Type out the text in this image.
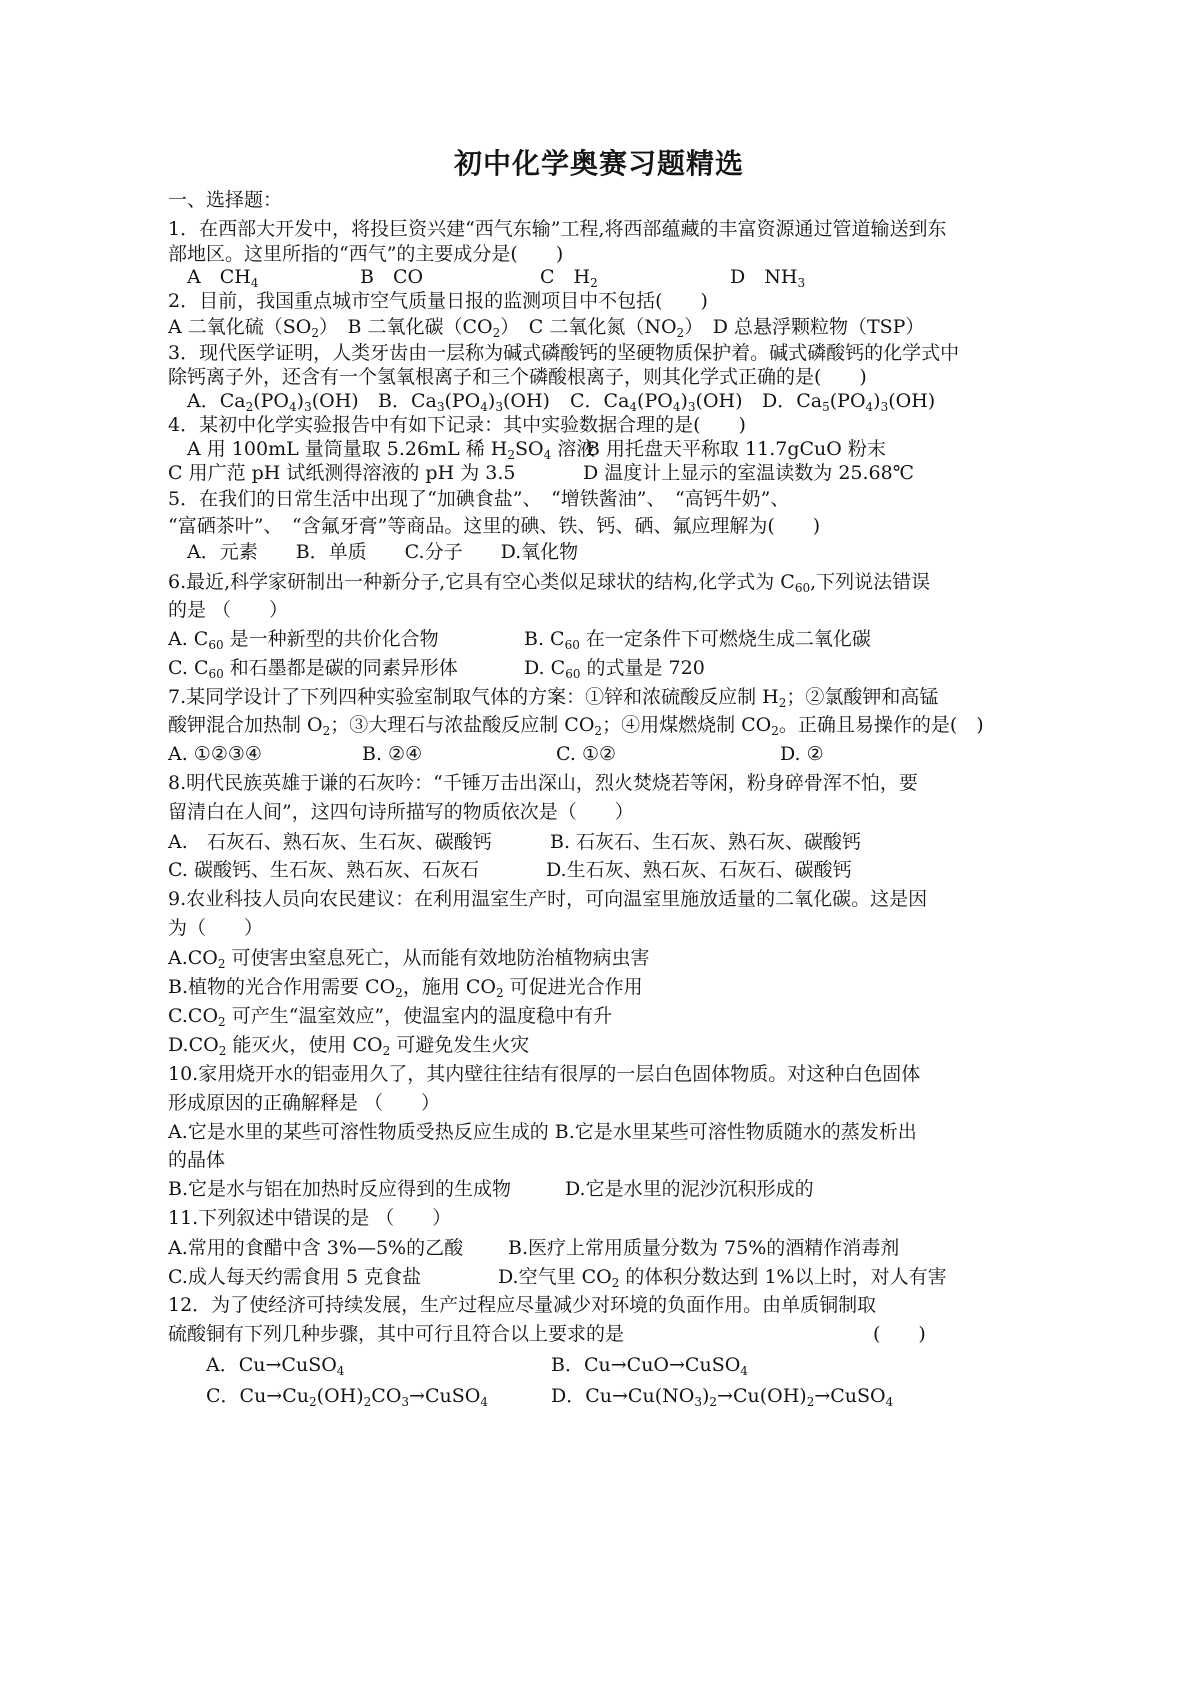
初中化学奥赛习题精选
一、选择题：
1．在西部大开发中，将投巨资兴建“西气东输”工程,将西部蕴藏的丰富资源通过管道输送到东
部地区。这里所指的“西气”的主要成分是(　　)
A　$CH_4$	B　CO	C　$H_2$	D　$NH_3$
2．目前，我国重点城市空气质量日报的监测项目中不包括(　　)
A 二氧化硫$(SO_2)$　B 二氧化碳$(CO_2)$　C 二氧化氮$(NO_2)$　D 总悬浮颗粒物（TSP）
3．现代医学证明，人类牙齿由一层称为碱式磷酸钙的坚硬物质保护着。碱式磷酸钙的化学式中
除钙离子外，还含有一个氢氧根离子和三个磷酸根离子，则其化学式正确的是(　　)
A．$Ca_2(PO_4)_3(OH)$ B．$Ca_3(PO_4)_3(OH)$ C．$Ca_4(PO_4)_3(OH)$ D．$Ca_5(PO_4)_3(OH)$
4．某初中化学实验报告中有如下记录：其中实验数据合理的是(　　)
A 用 100mL 量筒量取 5.26mL 稀 $H_2SO_4$ 溶液
B 用托盘天平称取 11.7gCuO 粉末
C 用广范 pH 试纸测得溶液的 pH 为 3.5	D 温度计上显示的室温读数为 25.68℃
5．在我们的日常生活中出现了“加碘食盐”、　“增铁酱油”、　“高钙牛奶”、
“富硒茶叶”、　“含氟牙膏”等商品。这里的碘、铁、钙、硒、氟应理解为(　　)
A．元素　　B．单质　　C.分子　　D.氧化物
6.最近,科学家研制出一种新分子,它具有空心类似足球状的结构,化学式为 $C_{60}$,下列说法错误
的是 （　　）
A. $C_{60}$ 是一种新型的共价化合物	B. $C_{60}$ 在一定条件下可燃烧生成二氧化碳
C. $C_{60}$ 和石墨都是碳的同素异形体	D. $C_{60}$ 的式量是 720
7.某同学设计了下列四种实验室制取气体的方案：①锌和浓硫酸反应制 $H_2$；②氯酸钾和高锰
酸钾混合加热制 $O_2$；③大理石与浓盐酸反应制 $CO_2$；④用煤燃烧制 $CO_2$。正确且易操作的是(　)
A. ①②③④	B. ②④	C. ①②	D. ②
8.明代民族英雄于谦的石灰吟：“千锤万击出深山，烈火焚烧若等闲，粉身碎骨浑不怕，要
留清白在人间”，这四句诗所描写的物质依次是（　　）
A.　石灰石、熟石灰、生石灰、碳酸钙	B. 石灰石、生石灰、熟石灰、碳酸钙
C. 碳酸钙、生石灰、熟石灰、石灰石	D.生石灰、熟石灰、石灰石、碳酸钙
9.农业科技人员向农民建议：在利用温室生产时，可向温室里施放适量的二氧化碳。这是因
为（　　）
$A.CO_2$ 可使害虫窒息死亡，从而能有效地防治植物病虫害
B.植物的光合作用需要 $CO_2$，施用 $CO_2$ 可促进光合作用
$C.CO_2$ 可产生“温室效应”，使温室内的温度稳中有升
$D.CO_2$ 能灭火，使用 $CO_2$ 可避免发生火灾
10.家用烧开水的铝壶用久了，其内壁往往结有很厚的一层白色固体物质。对这种白色固体
形成原因的正确解释是 （　　）
A.它是水里的某些可溶性物质受热反应生成的 B.它是水里某些可溶性物质随水的蒸发析出
的晶体
B.它是水与铝在加热时反应得到的生成物	D.它是水里的泥沙沉积形成的
11.下列叙述中错误的是 （　　）
A.常用的食醋中含 3%—5%的乙酸 B.医疗上常用质量分数为 75%的酒精作消毒剂
C.成人每天约需食用 5 克食盐	D.空气里 $CO_2$ 的体积分数达到 1%以上时，对人有害
12．为了使经济可持续发展，生产过程应尽量减少对环境的负面作用。由单质铜制取
硫酸铜有下列几种步骤，其中可行且符合以上要求的是	(　　)
A．Cu→CuSO$_4$	B．Cu→CuO→CuSO$_4$
C．$Cu\to Cu_2(OH)_2CO_3\to CuSO_4$	D．$Cu\to Cu(NO_3)_2\to Cu(OH)_2\to CuSO_4$
